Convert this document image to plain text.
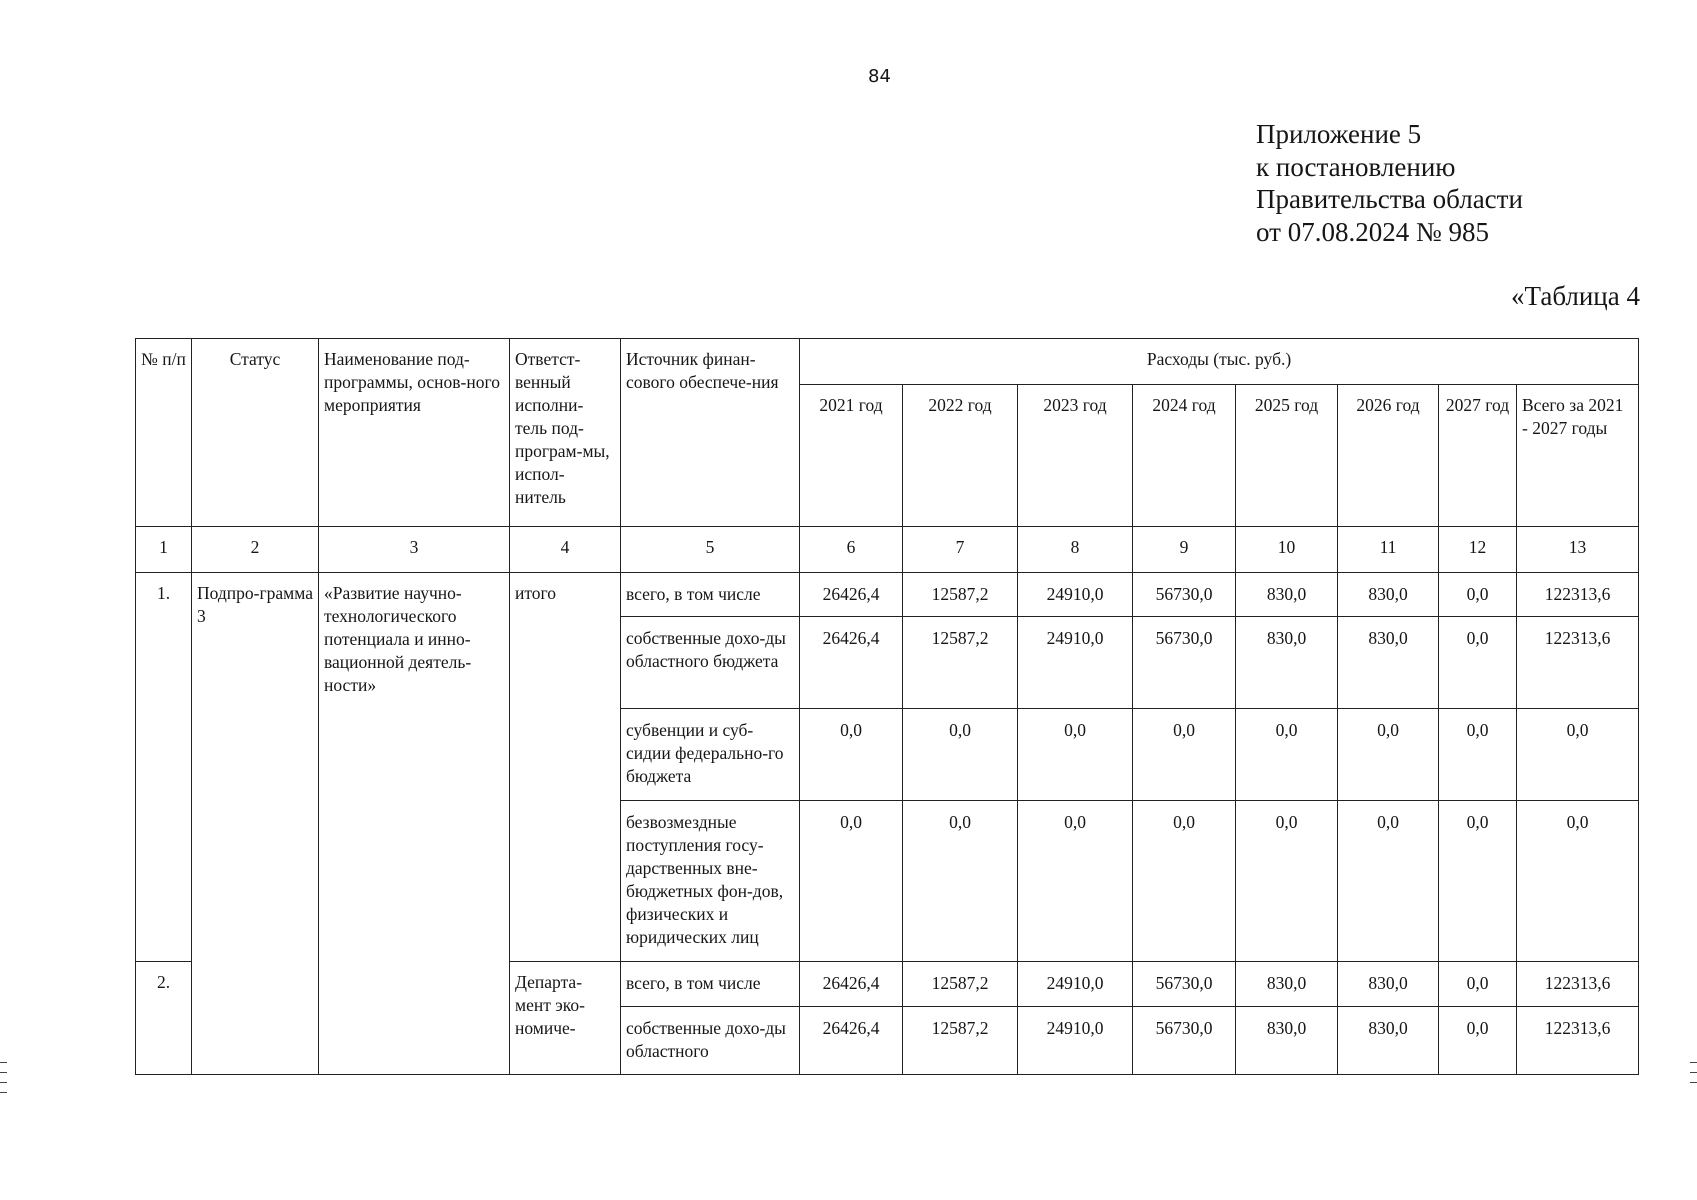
84
Приложение 5
к постановлению
Правительства области
от 07.08.2024 № 985
«Таблица 4
№ п/п	Статус	Наименование под-программы, основ-ного мероприятия	Ответст-венный исполни-тель под-програм-мы, испол-нитель	Источник финан-сового обеспече-ния	Расходы (тыс. руб.)							
					2021 год	2022 год	2023 год	2024 год	2025 год	2026 год	2027 год	Всего за 2021 - 2027 годы
1	2	3	4	5	6	7	8	9	10	11	12	13
1.	Подпро-грамма 3	«Развитие научно-технологического потенциала и инно-вационной деятель-ности»	итого	всего, в том числе	26426,4	12587,2	24910,0	56730,0	830,0	830,0	0,0	122313,6
				собственные дохо-ды областного бюджета	26426,4	12587,2	24910,0	56730,0	830,0	830,0	0,0	122313,6
				субвенции и суб-сидии федерально-го бюджета	0,0	0,0	0,0	0,0	0,0	0,0	0,0	0,0
				безвозмездные поступления госу-дарственных вне-бюджетных фон-дов, физических и юридических лиц	0,0	0,0	0,0	0,0	0,0	0,0	0,0	0,0
2.			Департа-мент эко-номиче-	всего, в том числе	26426,4	12587,2	24910,0	56730,0	830,0	830,0	0,0	122313,6
				собственные дохо-ды областного	26426,4	12587,2	24910,0	56730,0	830,0	830,0	0,0	122313,6
